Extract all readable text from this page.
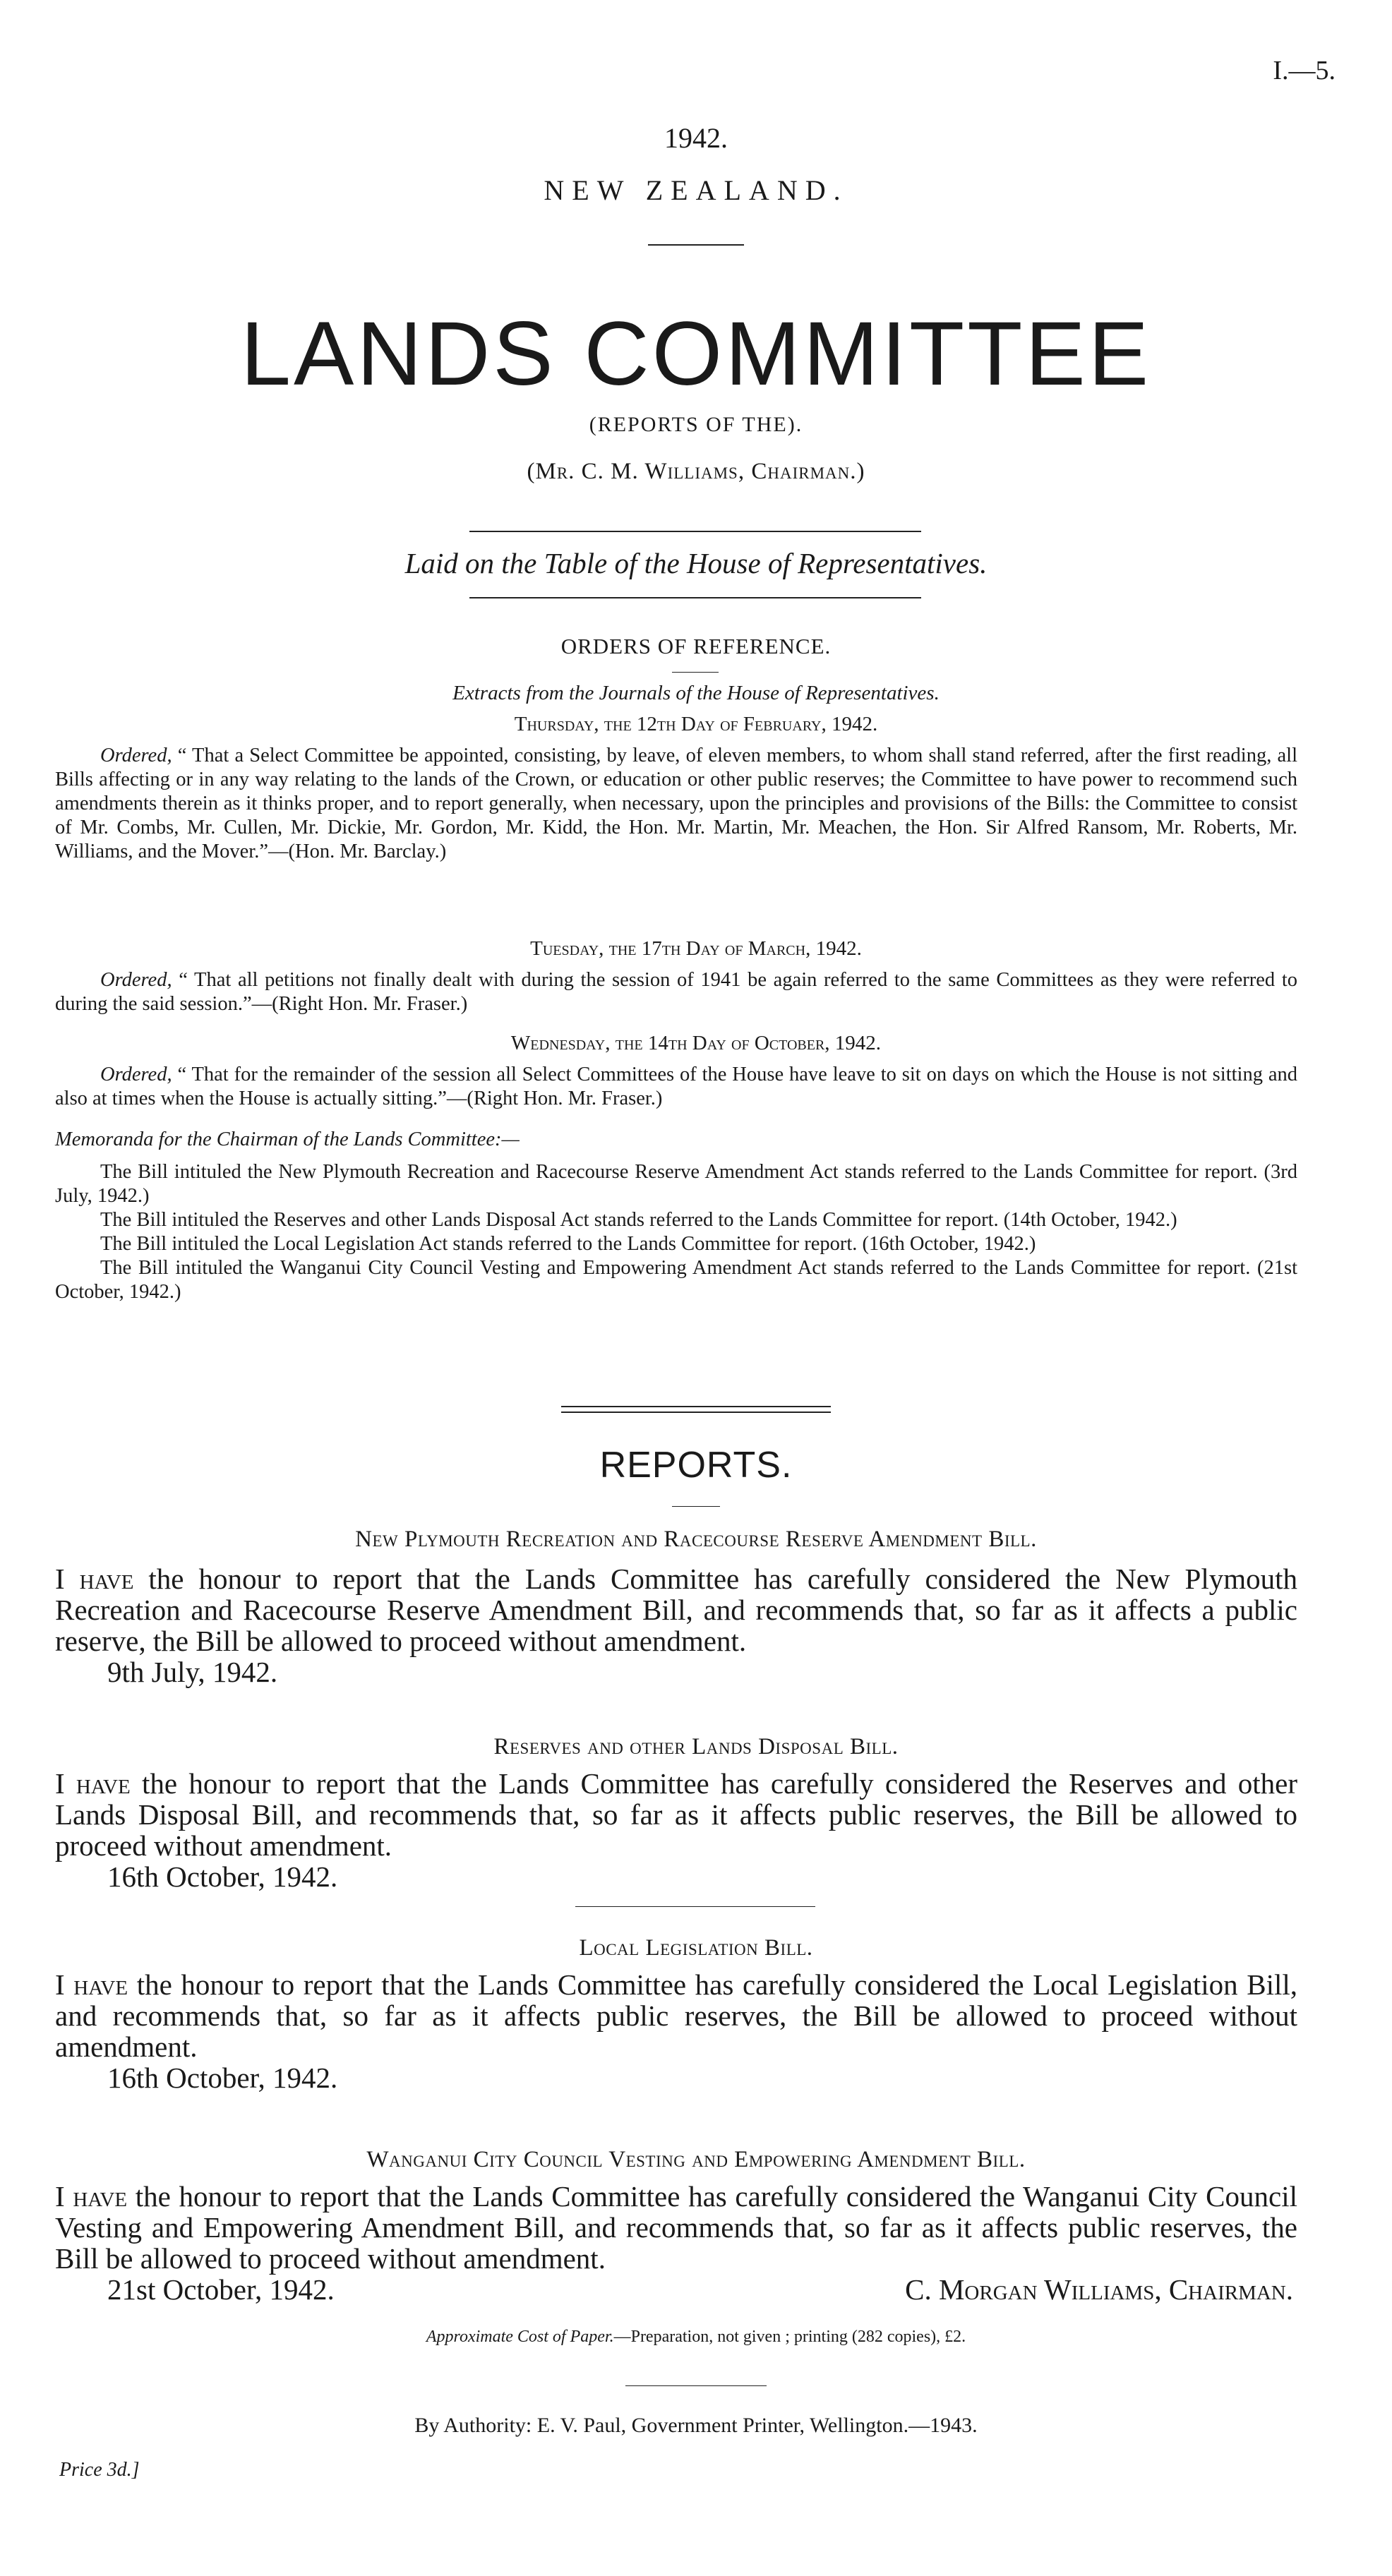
I.—5.
1942.
NEW ZEALAND.
LANDS COMMITTEE
(REPORTS OF THE).
(Mr. C. M. Williams, Chairman.)
Laid on the Table of the House of Representatives.
ORDERS OF REFERENCE.
Extracts from the Journals of the House of Representatives.
Thursday, the 12th Day of February, 1942.

Ordered, “ That a Select Committee be appointed, consisting, by leave, of eleven members, to whom shall stand referred, after the first reading, all Bills affecting or in any way relating to the lands of the Crown, or education or other public reserves; the Committee to have power to recommend such amendments therein as it thinks proper, and to report generally, when necessary, upon the principles and provisions of the Bills: the Committee to consist of Mr. Combs, Mr. Cullen, Mr. Dickie, Mr. Gordon, Mr. Kidd, the Hon. Mr. Martin, Mr. Meachen, the Hon. Sir Alfred Ransom, Mr. Roberts, Mr. Williams, and the Mover.”—(Hon. Mr. Barclay.)

Tuesday, the 17th Day of March, 1942.

Ordered, “ That all petitions not finally dealt with during the session of 1941 be again referred to the same Committees as they were referred to during the said session.”—(Right Hon. Mr. Fraser.)

Wednesday, the 14th Day of October, 1942.

Ordered, “ That for the remainder of the session all Select Committees of the House have leave to sit on days on which the House is not sitting and also at times when the House is actually sitting.”—(Right Hon. Mr. Fraser.)

Memoranda for the Chairman of the Lands Committee:—

The Bill intituled the New Plymouth Recreation and Racecourse Reserve Amendment Act stands referred to the Lands Committee for report. (3rd July, 1942.)

The Bill intituled the Reserves and other Lands Disposal Act stands referred to the Lands Committee for report. (14th October, 1942.)

The Bill intituled the Local Legislation Act stands referred to the Lands Committee for report. (16th October, 1942.)

The Bill intituled the Wanganui City Council Vesting and Empowering Amendment Act stands referred to the Lands Committee for report. (21st October, 1942.)

REPORTS.
New Plymouth Recreation and Racecourse Reserve Amendment Bill.

I have the honour to report that the Lands Committee has carefully considered the New Plymouth Recreation and Racecourse Reserve Amendment Bill, and recommends that, so far as it affects a public reserve, the Bill be allowed to proceed without amendment.

9th July, 1942.

Reserves and other Lands Disposal Bill.

I have the honour to report that the Lands Committee has carefully considered the Reserves and other Lands Disposal Bill, and recommends that, so far as it affects public reserves, the Bill be allowed to proceed without amendment.

16th October, 1942.

Local Legislation Bill.

I have the honour to report that the Lands Committee has carefully considered the Local Legislation Bill, and recommends that, so far as it affects public reserves, the Bill be allowed to proceed without amendment.

16th October, 1942.

Wanganui City Council Vesting and Empowering Amendment Bill.

I have the honour to report that the Lands Committee has carefully considered the Wanganui City Council Vesting and Empowering Amendment Bill, and recommends that, so far as it affects public reserves, the Bill be allowed to proceed without amendment.

21st October, 1942.	C. Morgan Williams, Chairman.

Approximate Cost of Paper.—Preparation, not given ; printing (282 copies), £2.
By Authority: E. V. Paul, Government Printer, Wellington.—1943.
Price 3d.]
